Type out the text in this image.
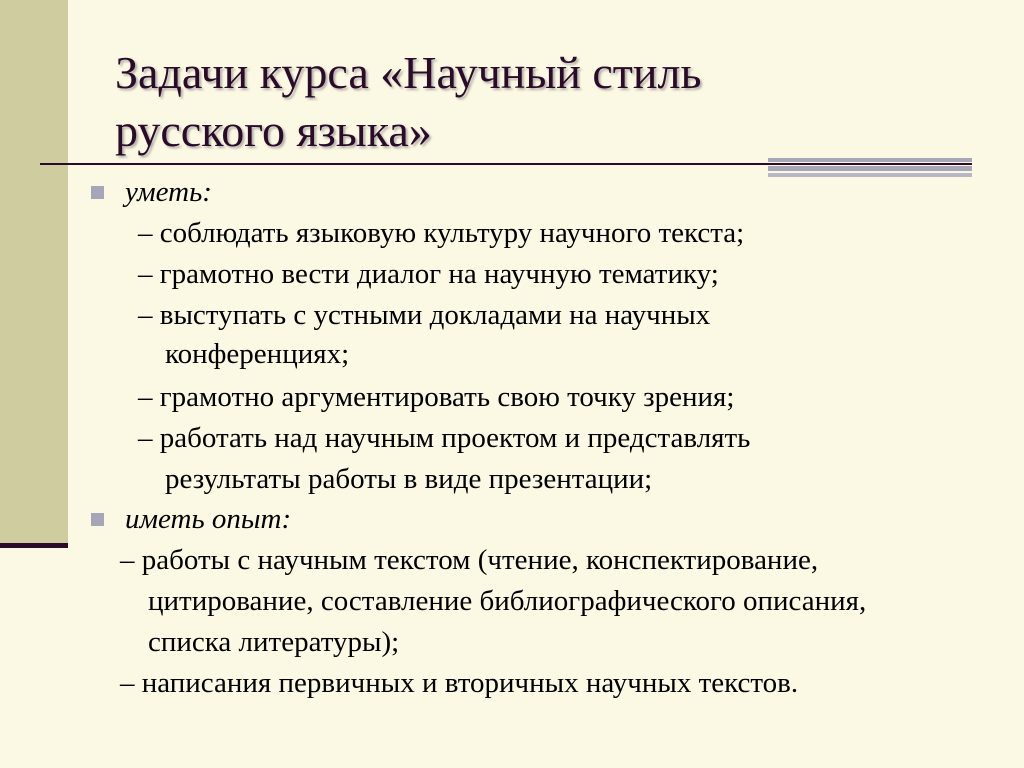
Задачи курса «Научный стиль
русского языка»
уметь:
– соблюдать языковую культуру научного текста;
– грамотно вести диалог на научную тематику;
– выступать с устными докладами на научных
конференциях;
– грамотно аргументировать свою точку зрения;
– работать над научным проектом и представлять
результаты работы в виде презентации;
иметь опыт:
– работы с научным текстом (чтение, конспектирование,
цитирование, составление библиографического описания,
списка литературы);
– написания первичных и вторичных научных текстов.
